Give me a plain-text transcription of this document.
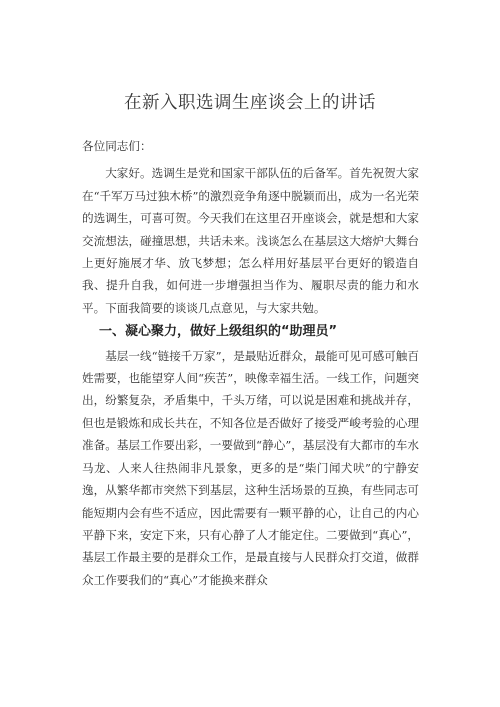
在新入职选调生座谈会上的讲话

各位同志们：

大家好。选调生是党和国家干部队伍的后备军。首先祝贺大家在“千军万马过独木桥”的激烈竞争角逐中脱颖而出，成为一名光荣的选调生，可喜可贺。今天我们在这里召开座谈会，就是想和大家交流想法，碰撞思想，共话未来。浅谈怎么在基层这大熔炉大舞台上更好施展才华、放飞梦想；怎么样用好基层平台更好的锻造自我、提升自我，如何进一步增强担当作为、履职尽责的能力和水平。下面我简要的谈谈几点意见，与大家共勉。

一、凝心聚力，做好上级组织的“助理员”

基层一线“链接千万家”，是最贴近群众，最能可见可感可触百姓需要，也能望穿人间“疾苦”，映像幸福生活。一线工作，问题突出，纷繁复杂，矛盾集中，千头万绪，可以说是困难和挑战并存，但也是锻炼和成长共在，不知各位是否做好了接受严峻考验的心理准备。基层工作要出彩，一要做到“静心”，基层没有大都市的车水马龙、人来人往热闹非凡景象，更多的是“柴门闻犬吠”的宁静安逸，从繁华都市突然下到基层，这种生活场景的互换，有些同志可能短期内会有些不适应，因此需要有一颗平静的心，让自己的内心平静下来，安定下来，只有心静了人才能定住。二要做到“真心”，基层工作最主要的是群众工作，是最直接与人民群众打交道，做群众工作要我们的“真心”才能换来群众
